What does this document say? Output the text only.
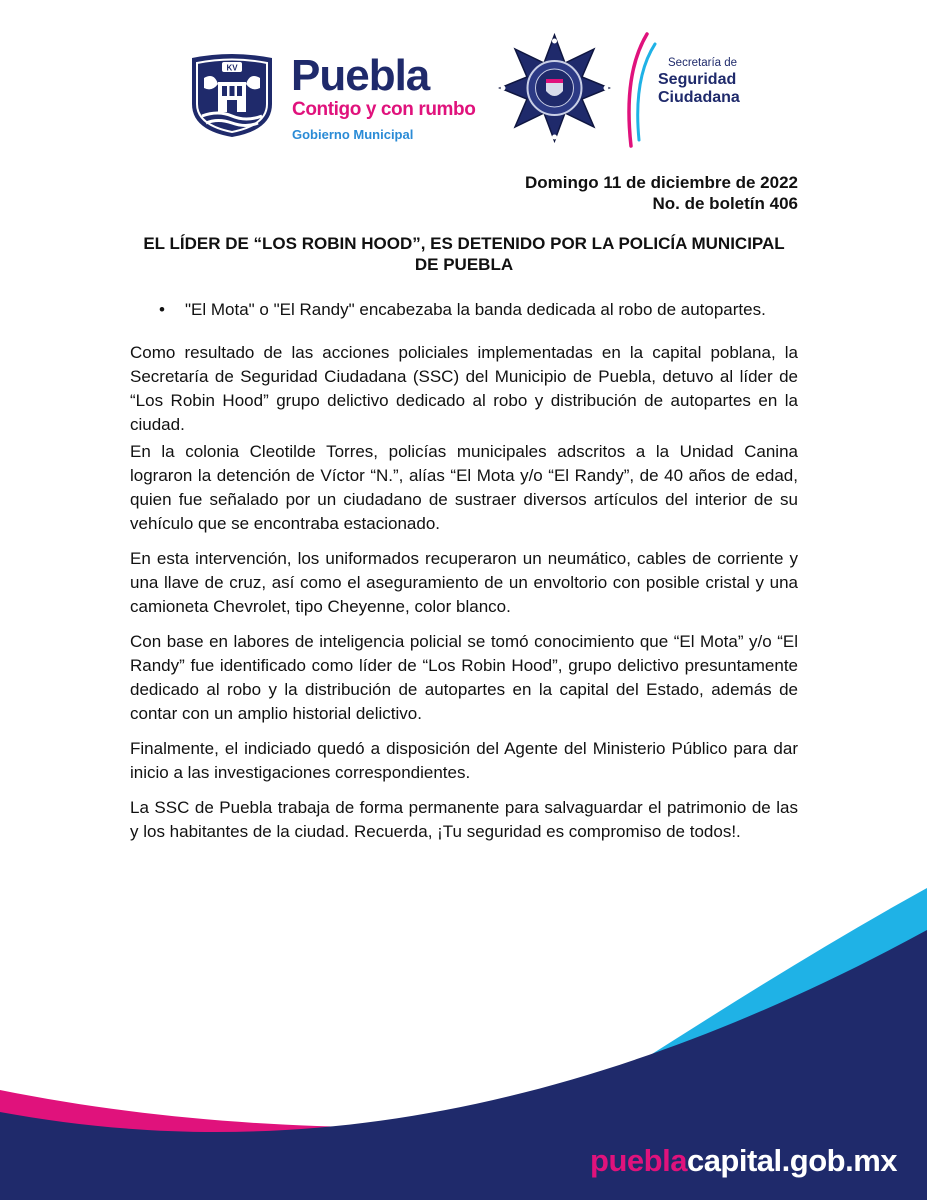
KV Puebla
Contigo y con rumbo
Gobierno Municipal
Secretaría de
Seguridad
Ciudadana
Domingo 11 de diciembre de 2022
No. de boletín 406
EL LÍDER DE “LOS ROBIN HOOD”, ES DETENIDO POR LA POLICÍA MUNICIPAL DE PUEBLA
• "El Mota" o "El Randy" encabezaba la banda dedicada al robo de autopartes.

Como resultado de las acciones policiales implementadas en la capital poblana, la Secretaría de Seguridad Ciudadana (SSC) del Municipio de Puebla, detuvo al líder de “Los Robin Hood” grupo delictivo dedicado al robo y distribución de autopartes en la ciudad.

En la colonia Cleotilde Torres, policías municipales adscritos a la Unidad Canina lograron la detención de Víctor “N.”, alías “El Mota y/o “El Randy”, de 40 años de edad, quien fue señalado por un ciudadano de sustraer diversos artículos del interior de su vehículo que se encontraba estacionado.

En esta intervención, los uniformados recuperaron un neumático, cables de corriente y una llave de cruz, así como el aseguramiento de un envoltorio con posible cristal y una camioneta Chevrolet, tipo Cheyenne, color blanco.

Con base en labores de inteligencia policial se tomó conocimiento que “El Mota” y/o “El Randy” fue identificado como líder de “Los Robin Hood”, grupo delictivo presuntamente dedicado al robo y la distribución de autopartes en la capital del Estado, además de contar con un amplio historial delictivo.

Finalmente, el indiciado quedó a disposición del Agente del Ministerio Público para dar inicio a las investigaciones correspondientes.

La SSC de Puebla trabaja de forma permanente para salvaguardar el patrimonio de las y los habitantes de la ciudad. Recuerda, ¡Tu seguridad es compromiso de todos!.

pueblacapital.gob.mx
